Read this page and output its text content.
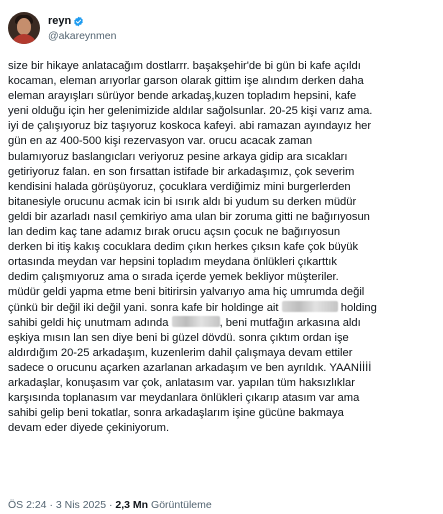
reyn
@akareynmen
size bir hikaye anlatacağım dostlarrr. başakşehir'de bi gün bi kafe açıldı
kocaman, eleman arıyorlar garson olarak gittim işe alındım derken daha
eleman arayışları sürüyor bende arkadaş,kuzen topladım hepsini, kafe
yeni olduğu için her gelenimizide aldılar sağolsunlar. 20-25 kişi varız ama.
iyi de çalışıyoruz biz taşıyoruz koskoca kafeyi. abi ramazan ayındayız her
gün en az 400-500 kişi rezervasyon var. orucu acacak zaman
bulamıyoruz baslangıcları veriyoruz pesine arkaya gidip ara sıcakları
getiriyoruz falan. en son fırsattan istifade bir arkadaşımız, çok severim
kendisini halada görüşüyoruz, çocuklara verdiğimiz mini burgerlerden
bitanesiyle orucunu acmak icin bi ısırık aldı bi yudum su derken müdür
geldi bir azarladı nasıl çemkiriyo ama ulan bir zoruma gitti ne bağırıyosun
lan dedim kaç tane adamız bırak orucu açsın çocuk ne bağırıyosun
derken bi itiş kakış cocuklara dedim çıkın herkes çıksın kafe çok büyük
ortasında meydan var hepsini topladım meydana önlükleri çıkarttık
dedim çalışmıyoruz ama o sırada içerde yemek bekliyor müşteriler.
müdür geldi yapma etme beni bitirirsin yalvarıyo ama hiç umrumda değil
çünkü bir değil iki değil yani. sonra kafe bir holdinge ait	holding
sahibi geldi hiç unutmam adında	, beni mutfağın arkasına aldı
eşkiya mısın lan sen diye beni bi güzel dövdü. sonra çıktım ordan işe
aldırdığım 20-25 arkadaşım, kuzenlerim dahil çalışmaya devam ettiler
sadece o orucunu açarken azarlanan arkadaşım ve ben ayrıldık. YAANİİİİ
arkadaşlar, konuşasım var çok, anlatasım var. yapılan tüm haksızlıklar
karşısında toplanasım var meydanlara önlükleri çıkarıp atasım var ama
sahibi gelip beni tokatlar, sonra arkadaşlarım işine gücüne bakmaya
devam eder diyede çekiniyorum.
ÖS 2:24 · 3 Nis 2025 · 2,3 Mn Görüntüleme
